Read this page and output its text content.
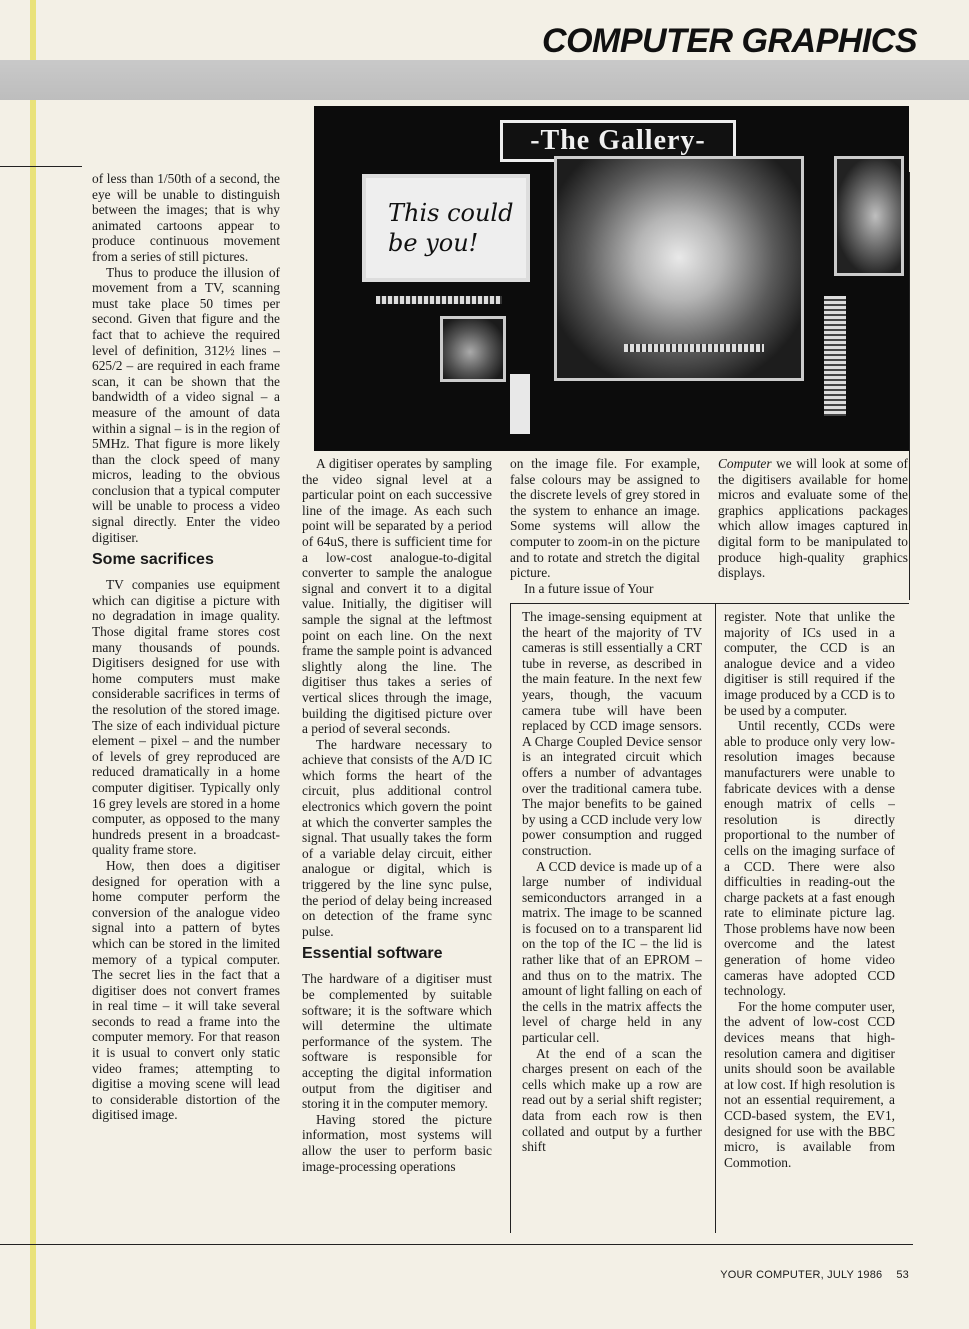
COMPUTER GRAPHICS
-The Gallery-
This could
be you!

of less than 1/50th of a second, the eye will be unable to distinguish between the images; that is why animated cartoons appear to produce continuous movement from a series of still pictures.

Thus to produce the illusion of movement from a TV, scanning must take place 50 times per second. Given that figure and the fact that to achieve the required level of definition, 312½ lines –625/2 – are required in each frame scan, it can be shown that the bandwidth of a video signal – a measure of the amount of data within a signal – is in the region of 5MHz. That figure is more likely than the clock speed of many micros, leading to the obvious conclusion that a typical computer will be unable to process a video signal directly. Enter the video digitiser.

Some sacrifices

TV companies use equipment which can digitise a picture with no degradation in image quality. Those digital frame stores cost many thousands of pounds. Digitisers designed for use with home computers must make considerable sacrifices in terms of the resolution of the stored image. The size of each individual picture element – pixel – and the number of levels of grey reproduced are reduced dramatically in a home computer digitiser. Typically only 16 grey levels are stored in a home computer, as opposed to the many hundreds present in a broadcast-quality frame store.

How, then does a digitiser designed for operation with a home computer perform the conversion of the analogue video signal into a pattern of bytes which can be stored in the limited memory of a typical computer. The secret lies in the fact that a digitiser does not convert frames in real time – it will take several seconds to read a frame into the computer memory. For that reason it is usual to convert only static video frames; attempting to digitise a moving scene will lead to considerable distortion of the digitised image.

A digitiser operates by sampling the video signal level at a particular point on each successive line of the image. As each such point will be separated by a period of 64uS, there is sufficient time for a low-cost analogue-to-digital converter to sample the analogue signal and convert it to a digital value. Initially, the digitiser will sample the signal at the leftmost point on each line. On the next frame the sample point is advanced slightly along the line. The digitiser thus takes a series of vertical slices through the image, building the digitised picture over a period of several seconds.

The hardware necessary to achieve that consists of the A/D IC which forms the heart of the circuit, plus additional control electronics which govern the point at which the converter samples the signal. That usually takes the form of a variable delay circuit, either analogue or digital, which is triggered by the line sync pulse, the period of delay being increased on detection of the frame sync pulse.

Essential software

The hardware of a digitiser must be complemented by suitable software; it is the software which will determine the ultimate performance of the system. The software is responsible for accepting the digital information output from the digitiser and storing it in the computer memory.

Having stored the picture information, most systems will allow the user to perform basic image-processing operations

on the image file. For example, false colours may be assigned to the discrete levels of grey stored in the system to enhance an image. Some systems will allow the computer to zoom-in on the picture and to rotate and stretch the digital picture.

In a future issue of Your

Computer we will look at some of the digitisers available for home micros and evaluate some of the graphics applications packages which allow images captured in digital form to be manipulated to produce high-quality graphics displays.

The image-sensing equipment at the heart of the majority of TV cameras is still essentially a CRT tube in reverse, as described in the main feature. In the next few years, though, the vacuum camera tube will have been replaced by CCD image sensors. A Charge Coupled Device sensor is an integrated circuit which offers a number of advantages over the traditional camera tube. The major benefits to be gained by using a CCD include very low power consumption and rugged construction.

A CCD device is made up of a large number of individual semiconductors arranged in a matrix. The image to be scanned is focused on to a transparent lid on the top of the IC – the lid is rather like that of an EPROM – and thus on to the matrix. The amount of light falling on each of the cells in the matrix affects the level of charge held in any particular cell.

At the end of a scan the charges present on each of the cells which make up a row are read out by a serial shift register; data from each row is then collated and output by a further shift

register. Note that unlike the majority of ICs used in a computer, the CCD is an analogue device and a video digitiser is still required if the image produced by a CCD is to be used by a computer.

Until recently, CCDs were able to produce only very low-resolution images because manufacturers were unable to fabricate devices with a dense enough matrix of cells – resolution is directly proportional to the number of cells on the imaging surface of a CCD. There were also difficulties in reading-out the charge packets at a fast enough rate to eliminate picture lag. Those problems have now been overcome and the latest generation of home video cameras have adopted CCD technology.

For the home computer user, the advent of low-cost CCD devices means that high-resolution camera and digitiser units should soon be available at low cost. If high resolution is not an essential requirement, a CCD-based system, the EV1, designed for use with the BBC micro, is available from Commotion.

YOUR COMPUTER, JULY 1986 53
